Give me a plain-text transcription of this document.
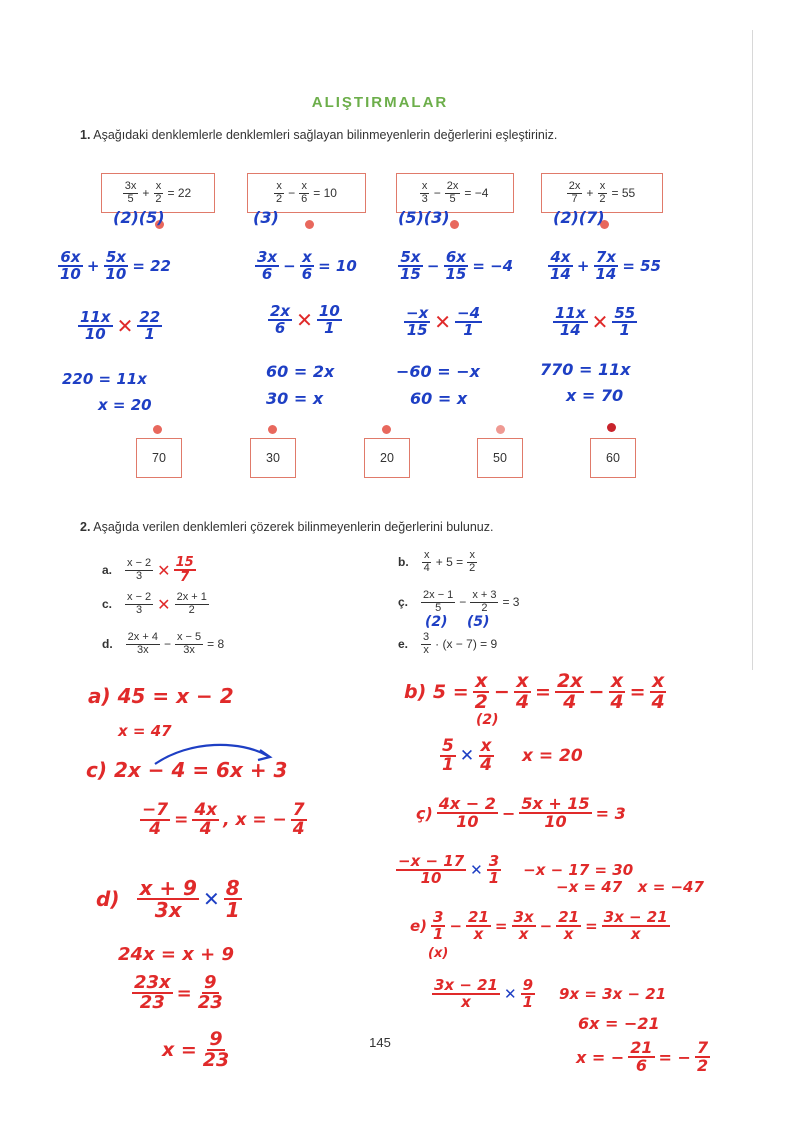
ALIŞTIRMALAR
1. Aşağıdaki denklemlerle denklemleri sağlayan bilinmeyenlerin değerlerini eşleştiriniz.
$\frac{3x}{5} + \frac{x}{2} = 22$	$\frac{x}{2} - \frac{x}{6} = 10$	$\frac{x}{3} - \frac{2x}{5} = -4$	$\frac{2x}{7} + \frac{x}{2} = 55$
(2)(5)	(3)	(5)(3)	(2)(7)
$\frac{6x}{10} + \frac{5x}{10} = 22$
$\frac{11x}{10}$ ✕ $\frac{22}{1}$
220 = 11x
x = 20
$\frac{3x}{6} - \frac{x}{6} = 10$
$\frac{2x}{6}$ ✕ $\frac{10}{1}$
60 = 2x
30 = x
$\frac{5x}{15} - \frac{6x}{15} = -4$
$\frac{-x}{15}$ ✕ $\frac{-4}{1}$
−60 = −x
60 = x
$\frac{4x}{14} + \frac{7x}{14} = 55$
$\frac{11x}{14}$ ✕ $\frac{55}{1}$
770 = 11x
x = 70
70	30	20	50	60
2. Aşağıda verilen denklemleri çözerek bilinmeyenlerin değerlerini bulunuz.
a. $\frac{x - 2}{3}$ ✕ $\frac{15}{7}$	b. $\frac{x}{4} + 5 = \frac{x}{2}$
c. $\frac{x - 2}{3}$ ✕ $\frac{2x + 1}{2}$	ç. $\frac{2x - 1}{5} - \frac{x + 3}{2} = 3$
(2)    (5)
d. $\frac{2x + 4}{3x} - \frac{x - 5}{3x} = 8$	e. $\frac{3}{x} \cdot (x - 7) = 9$
a) 45 = x − 2
x = 47
c) 2x − 4 = 6x + 3
$\frac{-7}{4} = \frac{4x}{4}$ , x = − $\frac{7}{4}$
$d) \frac{x + 9}{3x}$ ✕ $\frac{8}{1}$
24x = x + 9
$\frac{23x}{23} = \frac{9}{23}$
$x = \frac{9}{23}$
b) $5 = \frac{x}{2} - \frac{x}{4} = \frac{2x}{4} - \frac{x}{4} = \frac{x}{4}$
(2)
$\frac{5}{1}$ ✕ $\frac{x}{4}$ x = 20
ç) $\frac{4x - 2}{10} - \frac{5x + 15}{10} = 3$
$\frac{-x - 17}{10}$ ✕ $\frac{3}{1} -x - 17 = 30$
−x = 47   x = −47
$e) \frac{3}{1} - \frac{21}{x} = \frac{3x}{x} - \frac{21}{x} = \frac{3x - 21}{x}$
(x)
$\frac{3x - 21}{x}$ ✕ $\frac{9}{1} 9x = 3x - 21$
6x = −21
x = − $\frac{21}{6}$ = − $\frac{7}{2}$
145
